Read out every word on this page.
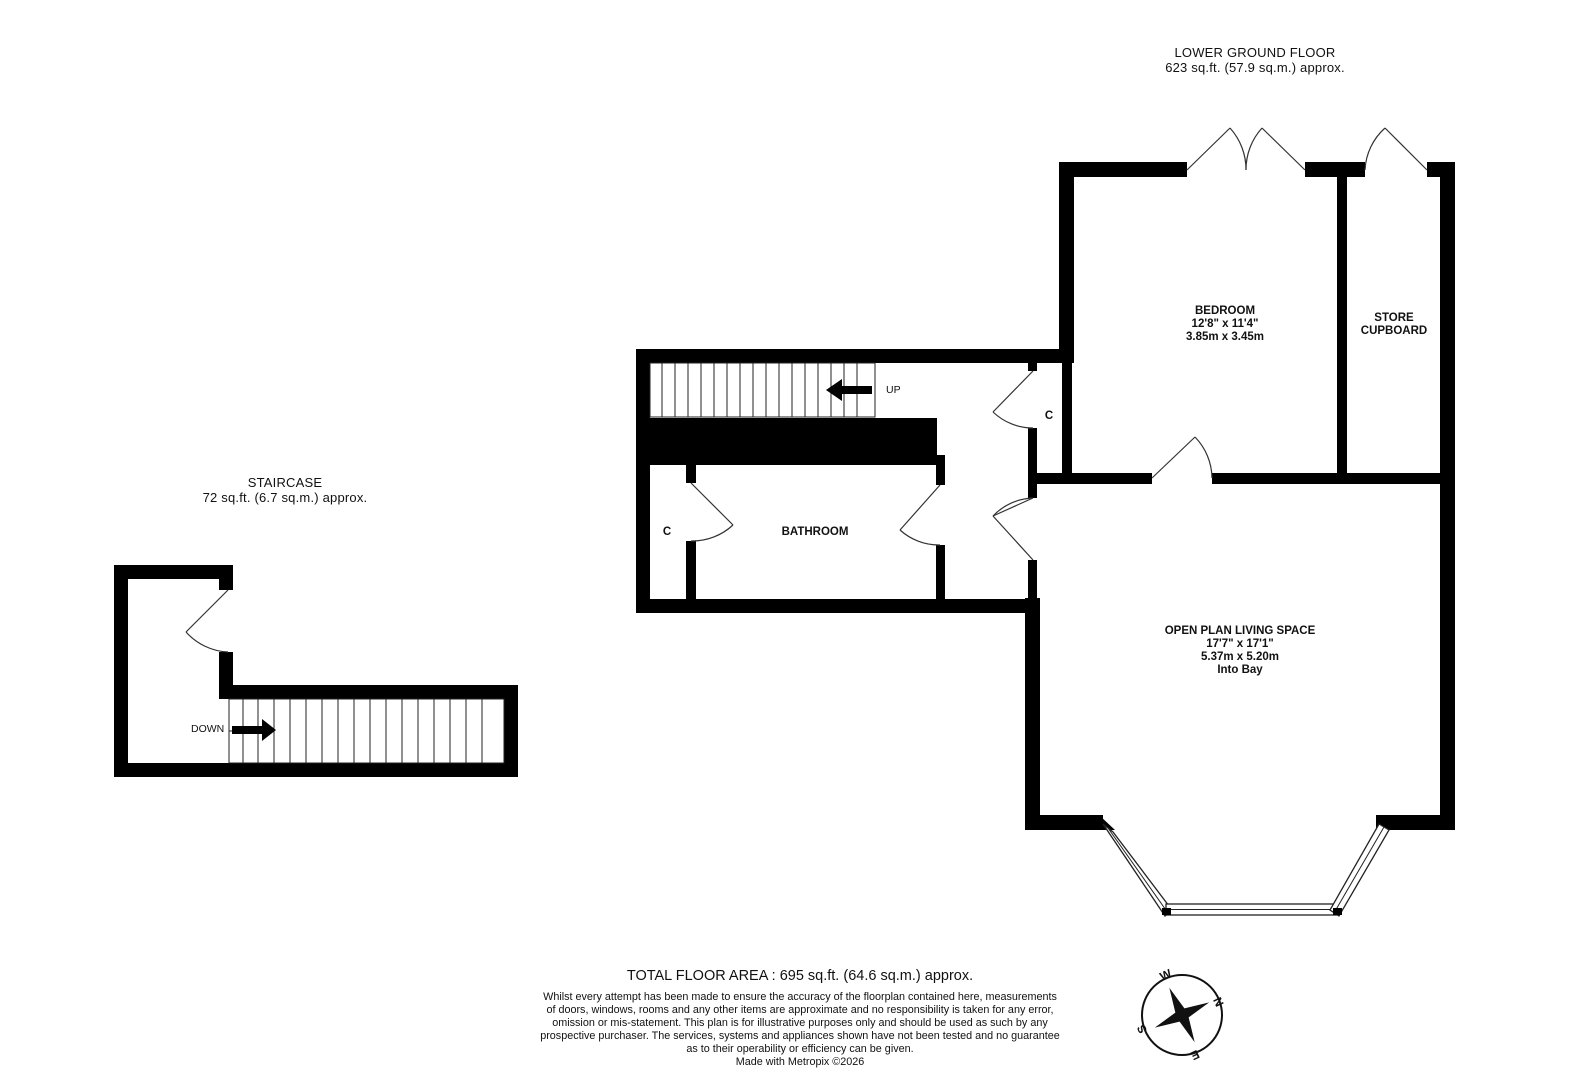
LOWER GROUND FLOOR
623 sq.ft. (57.9 sq.m.) approx.
STAIRCASE
72 sq.ft. (6.7 sq.m.) approx.
BEDROOM
12'8" x 11'4"
3.85m x 3.45m
STORE
CUPBOARD
BATHROOM
OPEN PLAN LIVING SPACE
17'7" x 17'1"
5.37m x 5.20m
Into Bay
C
C
UP
DOWN
W
N
E
S
TOTAL FLOOR AREA : 695 sq.ft. (64.6 sq.m.) approx.
Whilst every attempt has been made to ensure the accuracy of the floorplan contained here, measurements
of doors, windows, rooms and any other items are approximate and no responsibility is taken for any error,
omission or mis-statement. This plan is for illustrative purposes only and should be used as such by any
prospective purchaser. The services, systems and appliances shown have not been tested and no guarantee
as to their operability or efficiency can be given.
Made with Metropix ©2026
